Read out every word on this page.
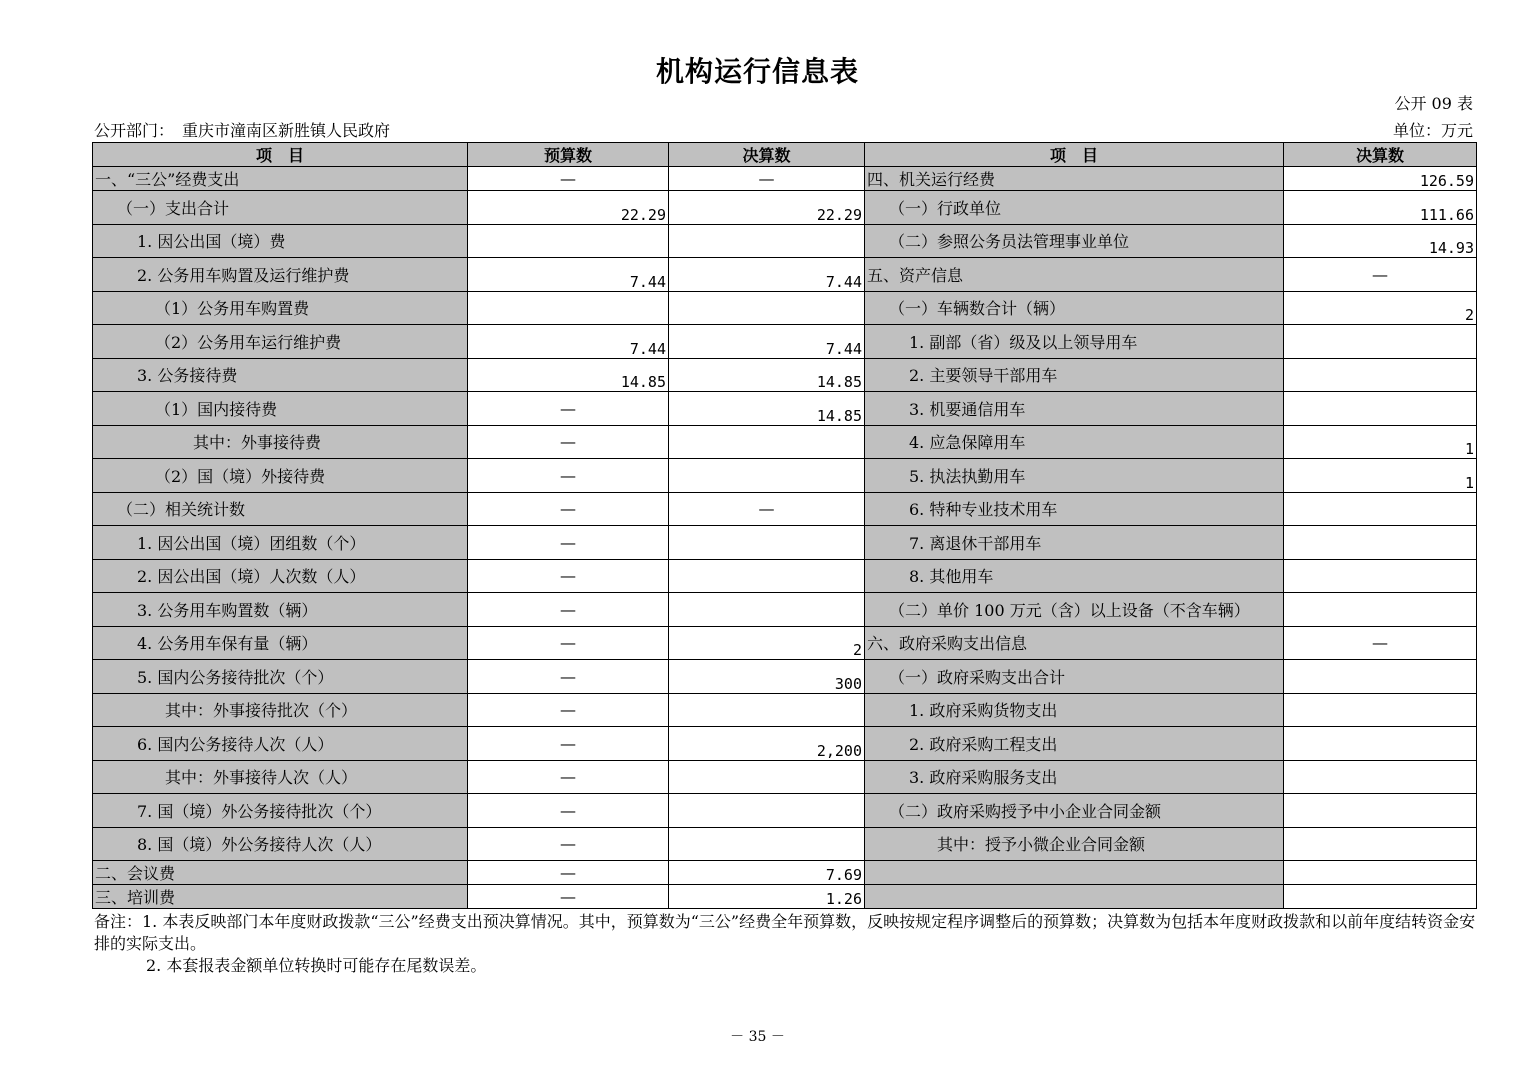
机构运行信息表
公开 09 表
公开部门：　重庆市潼南区新胜镇人民政府	单位：万元
项　目	预算数	决算数	项　目	决算数
一、“三公”经费支出	—	—	四、机关运行经费	126.59
（一）支出合计	22.29	22.29	（一）行政单位	111.66
1. 因公出国（境）费			（二）参照公务员法管理事业单位	14.93
2. 公务用车购置及运行维护费	7.44	7.44	五、资产信息	—
（1）公务用车购置费			（一）车辆数合计（辆）	2
（2）公务用车运行维护费	7.44	7.44	1. 副部（省）级及以上领导用车	
3. 公务接待费	14.85	14.85	2. 主要领导干部用车	
（1）国内接待费	—	14.85	3. 机要通信用车	
其中：外事接待费	—		4. 应急保障用车	1
（2）国（境）外接待费	—		5. 执法执勤用车	1
（二）相关统计数	—	—	6. 特种专业技术用车	
1. 因公出国（境）团组数（个）	—		7. 离退休干部用车	
2. 因公出国（境）人次数（人）	—		8. 其他用车	
3. 公务用车购置数（辆）	—		（二）单价 100 万元（含）以上设备（不含车辆）	
4. 公务用车保有量（辆）	—	2	六、政府采购支出信息	—
5. 国内公务接待批次（个）	—	300	（一）政府采购支出合计	
其中：外事接待批次（个）	—		1. 政府采购货物支出	
6. 国内公务接待人次（人）	—	2,200	2. 政府采购工程支出	
其中：外事接待人次（人）	—		3. 政府采购服务支出	
7. 国（境）外公务接待批次（个）	—		（二）政府采购授予中小企业合同金额	
8. 国（境）外公务接待人次（人）	—		其中：授予小微企业合同金额	
二、会议费	—	7.69		
三、培训费	—	1.26		
备注：1. 本表反映部门本年度财政拨款“三公”经费支出预决算情况。其中，预算数为“三公”经费全年预算数，反映按规定程序调整后的预算数；决算数为包括本年度财政拨款和以前年度结转资金安排的实际支出。
2. 本套报表金额单位转换时可能存在尾数误差。
－ 35 －
